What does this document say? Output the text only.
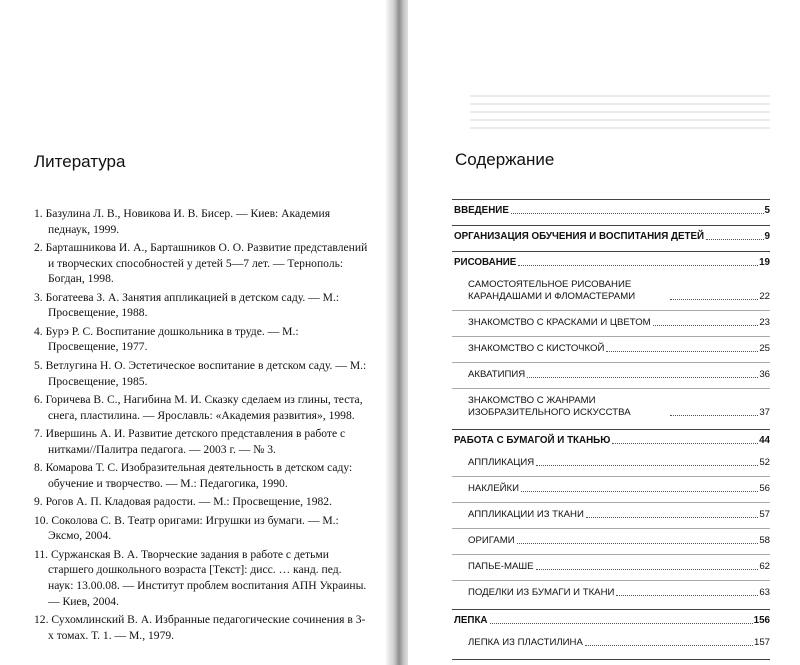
Литература
1. Базулина Л. В., Новикова И. В. Бисер. — Киев: Академия педнаук, 1999.
2. Барташникова И. А., Барташников О. О. Развитие представлений и творческих способностей у детей 5—7 лет. — Тернополь: Богдан, 1998.
3. Богатеева З. А. Занятия аппликацией в детском саду. — М.: Просвещение, 1988.
4. Бурэ Р. С. Воспитание дошкольника в труде. — М.: Просвещение, 1977.
5. Ветлугина Н. О. Эстетическое воспитание в детском саду. — М.: Просвещение, 1985.
6. Горичева В. С., Нагибина М. И. Сказку сделаем из глины, теста, снега, пластилина. — Ярославль: «Академия развития», 1998.
7. Ивершинь А. И. Развитие детского представления в работе с нитками//Палитра педагога. — 2003 г. — № 3.
8. Комарова Т. С. Изобразительная деятельность в детском саду: обучение и творчество. — М.: Педагогика, 1990.
9. Рогов А. П. Кладовая радости. — М.: Просвещение, 1982.
10. Соколова С. В. Театр оригами: Игрушки из бумаги. — М.: Эксмо, 2004.
11. Суржанская В. А. Творческие задания в работе с детьми старшего дошкольного возраста [Текст]: дисс. … канд. пед. наук: 13.00.08. — Институт проблем воспитания АПН Украины. — Киев, 2004.
12. Сухомлинский В. А. Избранные педагогические сочинения в 3-х томах. Т. 1. — М., 1979.
Содержание
ВВЕДЕНИЕ	5
ОРГАНИЗАЦИЯ ОБУЧЕНИЯ И ВОСПИТАНИЯ ДЕТЕЙ	9
РИСОВАНИЕ	19
САМОСТОЯТЕЛЬНОЕ РИСОВАНИЕ КАРАНДАШАМИ И ФЛОМАСТЕРАМИ	22
ЗНАКОМСТВО С КРАСКАМИ И ЦВЕТОМ	23
ЗНАКОМСТВО С КИСТОЧКОЙ	25
АКВАТИПИЯ	36
ЗНАКОМСТВО С ЖАНРАМИ ИЗОБРАЗИТЕЛЬНОГО ИСКУССТВА	37
РАБОТА С БУМАГОЙ И ТКАНЬЮ	44
АППЛИКАЦИЯ	52
НАКЛЕЙКИ	56
АППЛИКАЦИИ ИЗ ТКАНИ	57
ОРИГАМИ	58
ПАПЬЕ-МАШЕ	62
ПОДЕЛКИ ИЗ БУМАГИ И ТКАНИ	63
ЛЕПКА	156
ЛЕПКА ИЗ ПЛАСТИЛИНА	157
